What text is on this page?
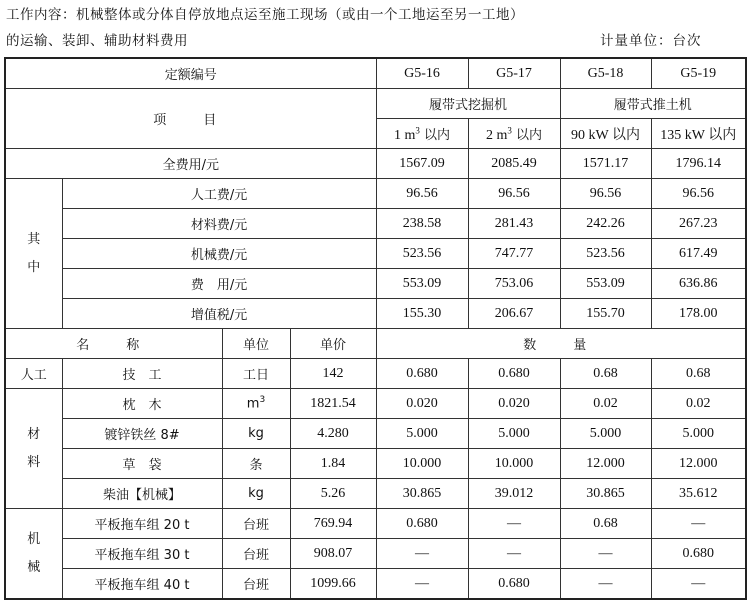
工作内容：机械整体或分体自停放地点运至施工现场（或由一个工地运至另一工地）
的运输、装卸、辅助材料费用	计量单位：台次
定额编号				G5-16	G5-17	G5-18	G5-19
项　目				履带式挖掘机		履带式推土机	
				1 $m^3$ 以内	2 $m^3$ 以内	90 kW 以内	135 kW 以内
全费用/元				1567.09	2085.49	1571.17	1796.14

其中	人工费/元			96.56	96.56	96.56	96.56
	材料费/元			238.58	281.43	242.26	267.23
	机械费/元			523.56	747.77	523.56	617.49
	费　用/元			553.09	753.06	553.09	636.86
	增值税/元			155.30	206.67	155.70	178.00
名　称		单位	单价	数　量			
人工	技　工	工日	142	0.680	0.680	0.68	0.68

材料	枕　木	$m^3$	1821.54	0.020	0.020	0.02	0.02
	镀锌铁丝 8#	kg	4.280	5.000	5.000	5.000	5.000
	草　袋	条	1.84	10.000	10.000	12.000	12.000
	柴油【机械】	kg	5.26	30.865	39.012	30.865	35.612

机械	平板拖车组 20 t	台班	769.94	0.680	—	0.68	—
	平板拖车组 30 t	台班	908.07	—	—	—	0.680
	平板拖车组 40 t	台班	1099.66	—	0.680	—	—
